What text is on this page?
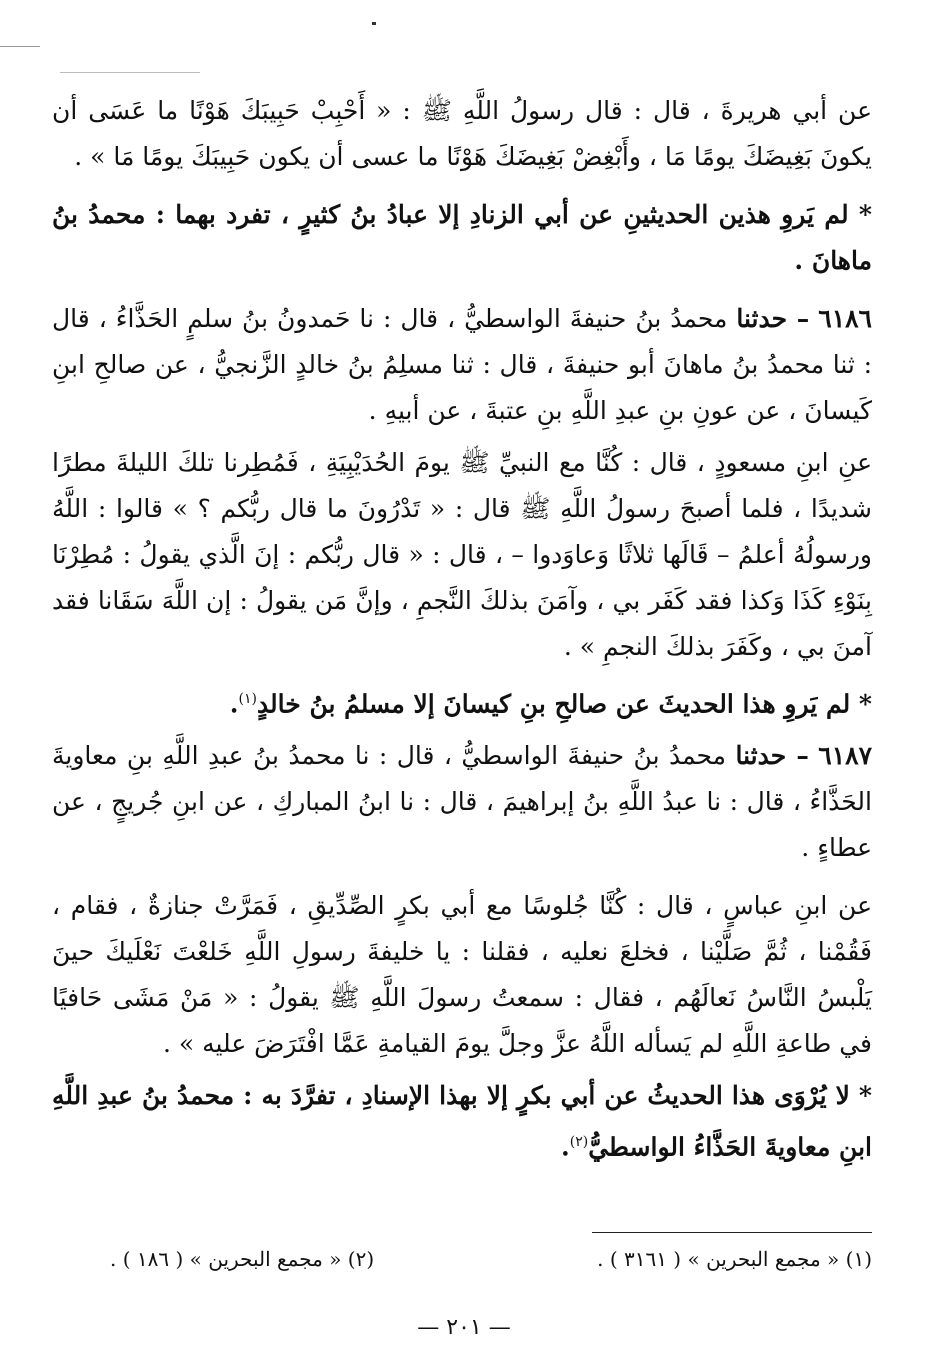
عن أبي هريرةَ ، قال : قال رسولُ اللَّهِ ﷺ : « أَحْبِبْ حَبِيبَكَ هَوْنًا ما عَسَى أن يكونَ بَغِيضَكَ يومًا مَا ، وأَبْغِضْ بَغِيضَكَ هَوْنًا ما عسى أن يكون حَبِيبَكَ يومًا مَا » .

* لم يَروِ هذين الحديثينِ عن أبي الزنادِ إلا عبادُ بنُ كثيرٍ ، تفرد بهما : محمدُ بنُ ماهانَ .

٦١٨٦ – حدثنا محمدُ بنُ حنيفةَ الواسطيُّ ، قال : نا حَمدونُ بنُ سلمٍ الحَذَّاءُ ، قال : ثنا محمدُ بنُ ماهانَ أبو حنيفةَ ، قال : ثنا مسلِمُ بنُ خالدٍ الزَّنجيُّ ، عن صالحِ ابنِ كَيسانَ ، عن عونِ بنِ عبدِ اللَّهِ بنِ عتبةَ ، عن أبيهِ .

عنِ ابنِ مسعودٍ ، قال : كُنَّا مع النبيِّ ﷺ يومَ الحُدَيْبِيَةِ ، فَمُطِرنا تلكَ الليلةَ مطرًا شديدًا ، فلما أصبحَ رسولُ اللَّهِ ﷺ قال : « تَدْرُونَ ما قال ربُّكم ؟ » قالوا : اللَّهُ ورسولُهُ أعلمُ – قَالَها ثلاثًا وَعاوَدوا – ، قال : « قال ربُّكم : إنَ الَّذي يقولُ : مُطِرْنَا بِنَوْءِ كَذَا وَكذا فقد كَفَر بي ، وآمَنَ بذلكَ النَّجمِ ، وإنَّ مَن يقولُ : إن اللَّهَ سَقَانا فقد آمنَ بي ، وكَفَرَ بذلكَ النجمِ » .

* لم يَروِ هذا الحديثَ عن صالحِ بنِ كيسانَ إلا مسلمُ بنُ خالدٍ$^{(١)}$.

٦١٨٧ – حدثنا محمدُ بنُ حنيفةَ الواسطيُّ ، قال : نا محمدُ بنُ عبدِ اللَّهِ بنِ معاويةَ الحَذَّاءُ ، قال : نا عبدُ اللَّهِ بنُ إبراهيمَ ، قال : نا ابنُ المباركِ ، عن ابنِ جُريجٍ ، عن عطاءٍ .

عن ابنِ عباسٍ ، قال : كُنَّا جُلوسًا مع أبي بكرٍ الصِّدِّيقِ ، فَمَرَّتْ جنازةٌ ، فقام ، فَقُمْنا ، ثُمَّ صَلَّيْنا ، فخلعَ نعليه ، فقلنا : يا خليفةَ رسولِ اللَّهِ خَلعْتَ نَعْلَيكَ حينَ يَلْبسُ النَّاسُ نَعالَهُم ، فقال : سمعتُ رسولَ اللَّهِ ﷺ يقولُ : « مَنْ مَشَى حَافيًا في طاعةِ اللَّهِ لم يَسأله اللَّهُ عزَّ وجلَّ يومَ القيامةِ عَمَّا افْتَرَضَ عليه » .

* لا يُرْوَى هذا الحديثُ عن أبي بكرٍ إلا بهذا الإسنادِ ، تفرَّدَ به : محمدُ بنُ عبدِ اللَّهِ ابنِ معاويةَ الحَذَّاءُ الواسطيُّ$^{(٢)}$.

(١) « مجمع البحرين » ( ٣١٦١ ) .
(٢) « مجمع البحرين » ( ١٨٦ ) .
— ٢٠١ —
